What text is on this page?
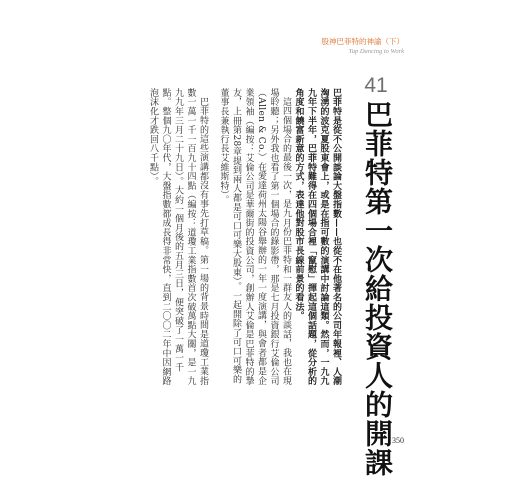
股神巴菲特的神諭（下）
Tap Dancing to Work
41
巴菲特第一次給投資人的開課

巴菲特是從不公開談論大盤指數——也從不在他著名的公司年報裡、人潮洶湧的波克夏股東會上，或是在指可數的演講中討論這類。然而，一九九九年下半年，巴菲特難得在四個場合裡「竄慰」揮起這個話題，從分析的角度和饒富新意的方式，表達他對股市長線前景的看法。

這四個場合的最後一次，是九月份巴菲特和一群友人的談話，我也在現場聆聽；另外我也看了第一個場合的錄影帶，那是七月投資銀行艾倫公司（Allen & Co.）在愛達荷州太陽谷舉辦的一年一度演講，與會者都是企業領袖（編按：艾倫公司是華爾街的投資公司，創辦人艾倫是巴菲特的摯友，上冊第28章提到兩人都是可口可樂大股東）。一起開除了可口可樂的董事長兼執行長艾維斯特）。

巴菲特的這些演講都沒有事先打草稿。第一場的背景時間是道瓊工業指數一萬一千一百九十四點（編按：道瓊工業指數首次破萬點大關，是一九九九年三月二十九日）。大約一個月後的五月三日，便突破了一萬一千點。整個九〇年代，大盤指數都成長得非常快，直到二〇〇二年中因網路泡沫化才跌回八千點）。

350
